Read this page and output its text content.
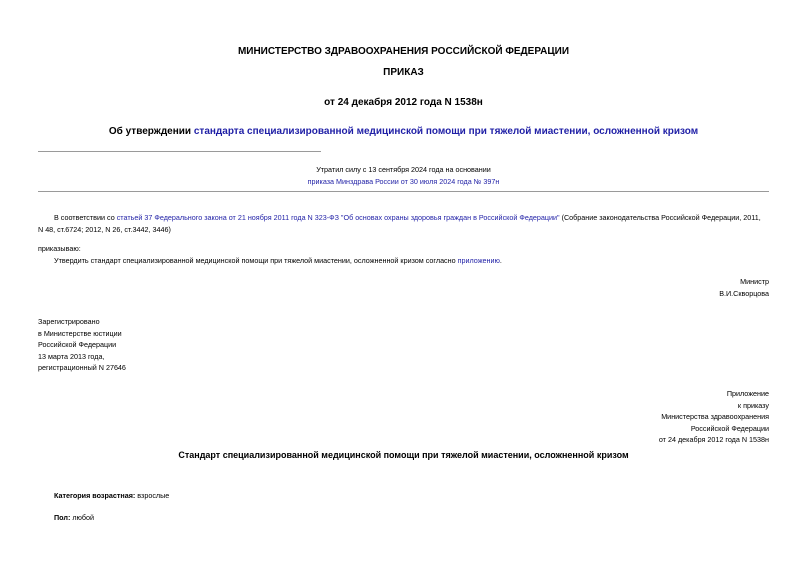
МИНИСТЕРСТВО ЗДРАВООХРАНЕНИЯ РОССИЙСКОЙ ФЕДЕРАЦИИ
ПРИКАЗ
от 24 декабря 2012 года N 1538н
Об утверждении стандарта специализированной медицинской помощи при тяжелой миастении, осложненной кризом
Утратил силу с 13 сентября 2024 года на основании
приказа Минздрава России от 30 июля 2024 года № 397н
В соответствии со статьей 37 Федерального закона от 21 ноября 2011 года N 323-ФЗ "Об основах охраны здоровья граждан в Российской Федерации" (Собрание законодательства Российской Федерации, 2011,
N 48, ст.6724; 2012, N 26, ст.3442, 3446)
приказываю:
Утвердить стандарт специализированной медицинской помощи при тяжелой миастении, осложненной кризом согласно приложению.
Министр
В.И.Скворцова
Зарегистрировано
в Министерстве юстиции
Российской Федерации
13 марта 2013 года,
регистрационный N 27646
Приложение
к приказу
Министерства здравоохранения
Российской Федерации
от 24 декабря 2012 года N 1538н
Стандарт специализированной медицинской помощи при тяжелой миастении, осложненной кризом
Категория возрастная: взрослые
Пол: любой
